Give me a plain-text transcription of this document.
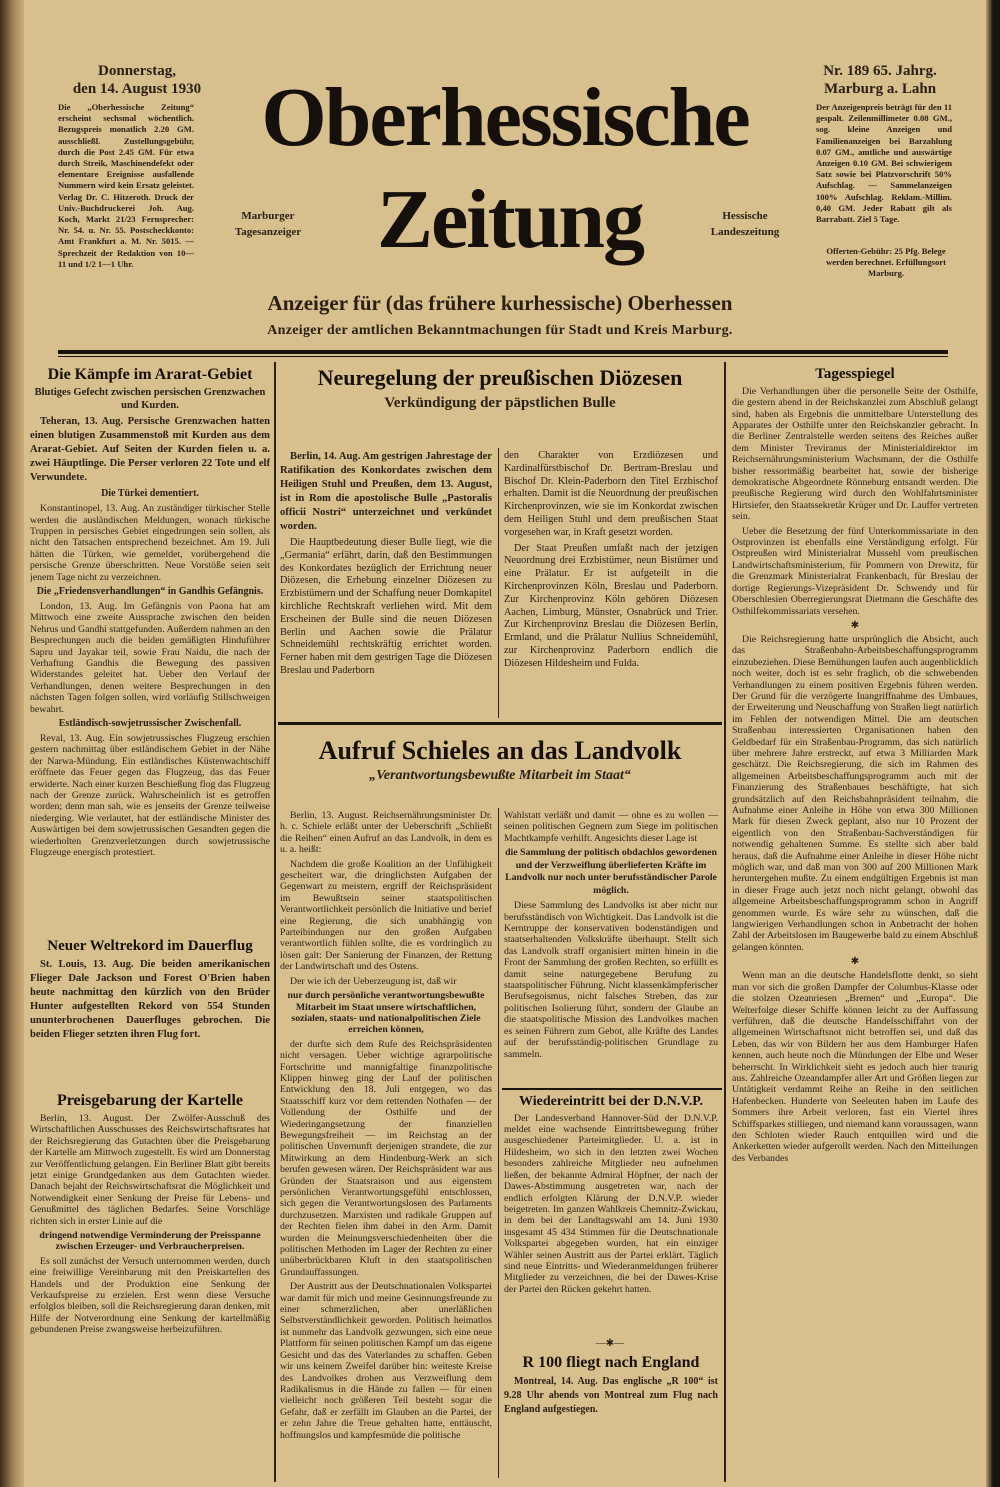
Donnerstag,
den 14. August 1930
Die „Oberhessische Zeitung“ erscheint sechsmal wöchentlich. Bezugspreis monatlich 2.20 GM. ausschließl. Zustellungsgebühr, durch die Post 2.45 GM. Für etwa durch Streik, Maschinendefekt oder elementare Ereignisse ausfallende Nummern wird kein Ersatz geleistet. Verlag Dr. C. Hitzeroth. Druck der Univ.-Buchdruckerei Joh. Aug. Koch, Markt 21/23 Fernsprecher: Nr. 54. u. Nr. 55. Postscheckkonto: Amt Frankfurt a. M. Nr. 5015. — Sprechzeit der Redaktion von 10—11 und 1/2 1—1 Uhr.
Nr. 189 65. Jahrg.
Marburg a. Lahn
Der Anzeigenpreis beträgt für den 11 gespalt. Zeilenmillimeter 0.08 GM., sog. kleine Anzeigen und Familienanzeigen bei Barzahlung 0.07 GM., amtliche und auswärtige Anzeigen 0.10 GM. Bei schwierigem Satz sowie bei Platzvorschrift 50% Aufschlag. — Sammelanzeigen 100% Aufschlag. Reklam.-Millim. 0,40 GM. Jeder Rabatt gilt als Barrabatt. Ziel 5 Tage.
Offerten-Gebühr: 25 Pfg. Belege werden berechnet. Erfüllungsort Marburg.
Oberhessische
Zeitung
Marburger Tagesanzeiger
Hessische Landeszeitung
Anzeiger für (das frühere kurhessische) Oberhessen
Anzeiger der amtlichen Bekanntmachungen für Stadt und Kreis Marburg.
Die Kämpfe im Ararat-Gebiet
Blutiges Gefecht zwischen persischen Grenzwachen und Kurden.

Teheran, 13. Aug. Persische Grenzwachen hatten einen blutigen Zusammenstoß mit Kurden aus dem Ararat-Gebiet. Auf Seiten der Kurden fielen u. a. zwei Häuptlinge. Die Perser verloren 22 Tote und elf Verwundete.

Die Türkei dementiert.

Konstantinopel, 13. Aug. An zuständiger türkischer Stelle werden die ausländischen Meldungen, wonach türkische Truppen in persisches Gebiet eingedrungen sein sollen, als nicht den Tatsachen entsprechend bezeichnet. Am 19. Juli hätten die Türken, wie gemeldet, vorübergehend die persische Grenze überschritten. Neue Vorstöße seien seit jenem Tage nicht zu verzeichnen.

Die „Friedensverhandlungen“ in Gandhis Gefängnis.

London, 13. Aug. Im Gefängnis von Paona hat am Mittwoch eine zweite Aussprache zwischen den beiden Nehrus und Gandhi stattgefunden. Außerdem nahmen an den Besprechungen auch die beiden gemäßigten Hinduführer Sapru und Jayakar teil, sowie Frau Naidu, die nach der Verhaftung Gandhis die Bewegung des passiven Widerstandes geleitet hat. Ueber den Verlauf der Verhandlungen, denen weitere Besprechungen in den nächsten Tagen folgen sollen, wird vorläufig Stillschweigen bewahrt.

Estländisch-sowjetrussischer Zwischenfall.

Reval, 13. Aug. Ein sowjetrussisches Flugzeug erschien gestern nachmittag über estländischem Gebiet in der Nähe der Narwa-Mündung. Ein estländisches Küstenwachtschiff eröffnete das Feuer gegen das Flugzeug, das das Feuer erwiderte. Nach einer kurzen Beschießung flog das Flugzeug nach der Grenze zurück. Wahrscheinlich ist es getroffen worden; denn man sah, wie es jenseits der Grenze teilweise niederging. Wie verlautet, hat der estländische Minister des Auswärtigen bei dem sowjetrussischen Gesandten gegen die wiederholten Grenzverletzungen durch sowjetrussische Flugzeuge energisch protestiert.

Neuer Weltrekord im Dauerflug

St. Louis, 13. Aug. Die beiden amerikanischen Flieger Dale Jackson und Forest O'Brien haben heute nachmittag den kürzlich von den Brüder Hunter aufgestellten Rekord von 554 Stunden ununterbrochenen Dauerfluges gebrochen. Die beiden Flieger setzten ihren Flug fort.

Preisgebarung der Kartelle

Berlin, 13. August. Der Zwölfer-Ausschuß des Wirtschaftlichen Ausschusses des Reichswirtschaftsrates hat der Reichsregierung das Gutachten über die Preisgebarung der Kartelle am Mittwoch zugestellt. Es wird am Donnerstag zur Veröffentlichung gelangen. Ein Berliner Blatt gibt bereits jetzt einige Grundgedanken aus dem Gutachten wieder. Danach bejaht der Reichswirtschaftsrat die Möglichkeit und Notwendigkeit einer Senkung der Preise für Lebens- und Genußmittel des täglichen Bedarfes. Seine Vorschläge richten sich in erster Linie auf die

dringend notwendige Verminderung der Preisspanne zwischen Erzeuger- und Verbraucherpreisen.

Es soll zunächst der Versuch unternommen werden, durch eine freiwillige Vereinbarung mit den Preiskartellen des Handels und der Produktion eine Senkung der Verkaufspreise zu erzielen. Erst wenn diese Versuche erfolglos bleiben, soll die Reichsregierung daran denken, mit Hilfe der Notverordnung eine Senkung der kartellmäßig gebundenen Preise zwangsweise herbeizuführen.

Neuregelung der preußischen Diözesen
Verkündigung der päpstlichen Bulle

Berlin, 14. Aug. Am gestrigen Jahrestage der Ratifikation des Konkordates zwischen dem Heiligen Stuhl und Preußen, dem 13. August, ist in Rom die apostolische Bulle „Pastoralis officii Nostri“ unterzeichnet und verkündet worden.

Die Hauptbedeutung dieser Bulle liegt, wie die „Germania“ erfährt, darin, daß den Bestimmungen des Konkordates bezüglich der Errichtung neuer Diözesen, die Erhebung einzelner Diözesen zu Erzbistümern und der Schaffung neuer Domkapitel kirchliche Rechtskraft verliehen wird. Mit dem Erscheinen der Bulle sind die neuen Diözesen Berlin und Aachen sowie die Prälatur Schneidemühl rechtskräftig errichtet worden. Ferner haben mit dem gestrigen Tage die Diözesen Breslau und Paderborn

den Charakter von Erzdiözesen und Kardinalfürstbischof Dr. Bertram-Breslau und Bischof Dr. Klein-Paderborn den Titel Erzbischof erhalten. Damit ist die Neuordnung der preußischen Kirchenprovinzen, wie sie im Konkordat zwischen dem Heiligen Stuhl und dem preußischen Staat vorgesehen war, in Kraft gesetzt worden.

Der Staat Preußen umfaßt nach der jetzigen Neuordnung drei Erzbistümer, neun Bistümer und eine Prälatur. Er ist aufgeteilt in die Kirchenprovinzen Köln, Breslau und Paderborn. Zur Kirchenprovinz Köln gehören Diözesen Aachen, Limburg, Münster, Osnabrück und Trier. Zur Kirchenprovinz Breslau die Diözesen Berlin, Ermland, und die Prälatur Nullius Schneidemühl, zur Kirchenprovinz Paderborn endlich die Diözesen Hildesheim und Fulda.

Aufruf Schieles an das Landvolk
„Verantwortungsbewußte Mitarbeit im Staat“

Berlin, 13. August. Reichsernährungsminister Dr. h. c. Schiele erläßt unter der Ueberschrift „Schließt die Reihen“ einen Aufruf an das Landvolk, in dem es u. a. heißt:

Nachdem die große Koalition an der Unfähigkeit gescheitert war, die dringlichsten Aufgaben der Gegenwart zu meistern, ergriff der Reichspräsident im Bewußtsein seiner staatspolitischen Verantwortlichkeit persönlich die Initiative und berief eine Regierung, die sich unabhängig von Parteibindungen nur den großen Aufgaben verantwortlich fühlen sollte, die es vordringlich zu lösen galt: Der Sanierung der Finanzen, der Rettung der Landwirtschaft und des Ostens.

Der wie ich der Ueberzeugung ist, daß wir

nur durch persönliche verantwortungsbewußte Mitarbeit im Staat unsere wirtschaftlichen, sozialen, staats- und nationalpolitischen Ziele erreichen können,

der durfte sich dem Rufe des Reichspräsidenten nicht versagen. Ueber wichtige agrarpolitische Fortschritte und mannigfaltige finanzpolitische Klippen hinweg ging der Lauf der politischen Entwicklung den 18. Juli entgegen, wo das Staatsschiff kurz vor dem rettenden Nothafen — der Vollendung der Osthilfe und der Wiederingangsetzung der finanziellen Bewegungsfreiheit — im Reichstag an der politischen Unvernunft derjenigen strandete, die zur Mitwirkung an dem Hindenburg-Werk an sich berufen gewesen wären. Der Reichspräsident war aus Gründen der Staatsraison und aus eigenstem persönlichen Verantwortungsgefühl entschlossen, sich gegen die Verantwortungslosen des Parlaments durchzusetzen. Marxisten und radikale Gruppen auf der Rechten fielen ihm dabei in den Arm. Damit wurden die Meinungsverschiedenheiten über die politischen Methoden im Lager der Rechten zu einer unüberbrückbaren Kluft in den staatspolitischen Grundauffassungen.

Der Austritt aus der Deutschnationalen Volkspartei war damit für mich und meine Gesinnungsfreunde zu einer schmerzlichen, aber unerläßlichen Selbstverständlichkeit geworden. Politisch heimatlos ist nunmehr das Landvolk gezwungen, sich eine neue Plattform für seinen politischen Kampf um das eigene Gesicht und das des Vaterlandes zu schaffen. Geben wir uns keinem Zweifel darüber hin: weiteste Kreise des Landvolkes drohen aus Verzweiflung dem Radikalismus in die Hände zu fallen — für einen vielleicht noch größeren Teil besteht sogar die Gefahr, daß er zerfällt im Glauben an die Partei, der er zehn Jahre die Treue gehalten hatte, enttäuscht, hoffnungslos und kampfesmüde die politische

Wahlstatt verläßt und damit — ohne es zu wollen — seinen politischen Gegnern zum Siege im politischen Machtkampfe verhilft. Angesichts dieser Lage ist

die Sammlung der politisch obdachlos gewordenen und der Verzweiflung überlieferten Kräfte im Landvolk nur noch unter berufsständischer Parole möglich.

Diese Sammlung des Landvolks ist aber nicht nur berufsständisch von Wichtigkeit. Das Landvolk ist die Kerntruppe der konservativen bodenständigen und staatserhaltenden Volkskräfte überhaupt. Stellt sich das Landvolk straff organisiert mitten hinein in die Front der Sammlung der großen Rechten, so erfüllt es damit seine naturgegebene Berufung zu staatspolitischer Führung. Nicht klassenkämpferischer Berufsegoismus, nicht falsches Streben, das zur politischen Isolierung führt, sondern der Glaube an die staatspolitische Mission des Landvolkes machen es seinen Führern zum Gebot, alle Kräfte des Landes auf der berufsständig-politischen Grundlage zu sammeln.

Wiedereintritt bei der D.N.V.P.

Der Landesverband Hannover-Süd der D.N.V.P. meldet eine wachsende Eintrittsbewegung früher ausgeschiedener Parteimitglieder. U. a. ist in Hildesheim, wo sich in den letzten zwei Wochen besonders zahlreiche Mitglieder neu aufnehmen ließen, der bekannte Admiral Höpfner, der nach der Dawes-Abstimmung ausgetreten war, nach der endlich erfolgten Klärung der D.N.V.P. wieder beigetreten. Im ganzen Wahlkreis Chemnitz-Zwickau, in dem bei der Landtagswahl am 14. Juni 1930 insgesamt 45 434 Stimmen für die Deutschnationale Volkspartei abgegeben wurden, hat ein einziger Wähler seinen Austritt aus der Partei erklärt. Täglich sind neue Eintritts- und Wiederanmeldungen früherer Mitglieder zu verzeichnen, die bei der Dawes-Krise der Partei den Rücken gekehrt hatten.

—✱—
R 100 fliegt nach England

Montreal, 14. Aug. Das englische „R 100“ ist 9.28 Uhr abends von Montreal zum Flug nach England aufgestiegen.

Tagesspiegel

Die Verhandlungen über die personelle Seite der Osthilfe, die gestern abend in der Reichskanzlei zum Abschluß gelangt sind, haben als Ergebnis die unmittelbare Unterstellung des Apparates der Osthilfe unter den Reichskanzler gebracht. In die Berliner Zentralstelle werden seitens des Reiches außer dem Minister Treviranus der Ministerialdirektor im Reichsernährungsministerium Wachsmann, der die Osthilfe bisher ressortmäßig bearbeitet hat, sowie der bisherige demokratische Abgeordnete Rönneburg entsandt werden. Die preußische Regierung wird durch den Wohlfahrtsminister Hirtsiefer, den Staatssekretär Krüger und Dr. Lauffer vertreten sein.

Ueber die Besetzung der fünf Unterkommissariate in den Ostprovinzen ist ebenfalls eine Verständigung erfolgt. Für Ostpreußen wird Ministerialrat Mussehl vom preußischen Landwirtschaftsministerium, für Pommern von Drewitz, für die Grenzmark Ministerialrat Frankenbach, für Breslau der dortige Regierungs-Vizepräsident Dr. Schwendy und für Oberschlesien Oberregierungsrat Dietmann die Geschäfte des Osthilfekommissariats versehen.

✱

Die Reichsregierung hatte ursprünglich die Absicht, auch das Straßenbahn-Arbeitsbeschaffungsprogramm einzubeziehen. Diese Bemühungen laufen auch augenblicklich noch weiter, doch ist es sehr fraglich, ob die schwebenden Verhandlungen zu einem positiven Ergebnis führen werden. Der Grund für die verzögerte Inangriffnahme des Umbaues, der Erweiterung und Neuschaffung von Straßen liegt natürlich im Fehlen der notwendigen Mittel. Die am deutschen Straßenbau interessierten Organisationen haben den Geldbedarf für ein Straßenbau-Programm, das sich natürlich über mehrere Jahre erstreckt, auf etwa 3 Milliarden Mark geschätzt. Die Reichsregierung, die sich im Rahmen des allgemeinen Arbeitsbeschaffungsprogramm auch mit der Finanzierung des Straßenbaues beschäftigte, hat sich grundsätzlich auf den Reichsbahnpräsident teilnahm, die Aufnahme einer Anleihe in Höhe von etwa 300 Millionen Mark für diesen Zweck geplant, also nur 10 Prozent der eigentlich von den Straßenbau-Sachverständigen für notwendig gehaltenen Summe. Es stellte sich aber bald heraus, daß die Aufnahme einer Anleihe in dieser Höhe nicht möglich war, und daß man von 300 auf 200 Millionen Mark heruntergehen mußte. Zu einem endgültigen Ergebnis ist man in dieser Frage auch jetzt noch nicht gelangt, obwohl das allgemeine Arbeitsbeschaffungsprogramm schon in Angriff genommen wurde. Es wäre sehr zu wünschen, daß die langwierigen Verhandlungen schon in Anbetracht der hohen Zahl der Arbeitslosen im Baugewerbe bald zu einem Abschluß gelangen könnten.

✱

Wenn man an die deutsche Handelsflotte denkt, so sieht man vor sich die großen Dampfer der Columbus-Klasse oder die stolzen Ozeanriesen „Bremen“ und „Europa“. Die Welterfolge dieser Schiffe können leicht zu der Auffassung verführen, daß die deutsche Handelsschiffahrt von der allgemeinen Wirtschaftsnot nicht betroffen sei, und daß das Leben, das wir von Bildern her aus dem Hamburger Hafen kennen, auch heute noch die Mündungen der Elbe und Weser beherrscht. In Wirklichkeit sieht es jedoch auch hier traurig aus. Zahlreiche Ozeandampfer aller Art und Größen liegen zur Untätigkeit verdammt Reihe an Reihe in den seitlichen Hafenbecken. Hunderte von Seeleuten haben im Laufe des Sommers ihre Arbeit verloren, fast ein Viertel ihres Schiffsparkes stilliegen, und niemand kann voraussagen, wann den Schloten wieder Rauch entquillen wird und die Ankerketten wieder aufgerollt werden. Nach den Mitteilungen des Verbandes
